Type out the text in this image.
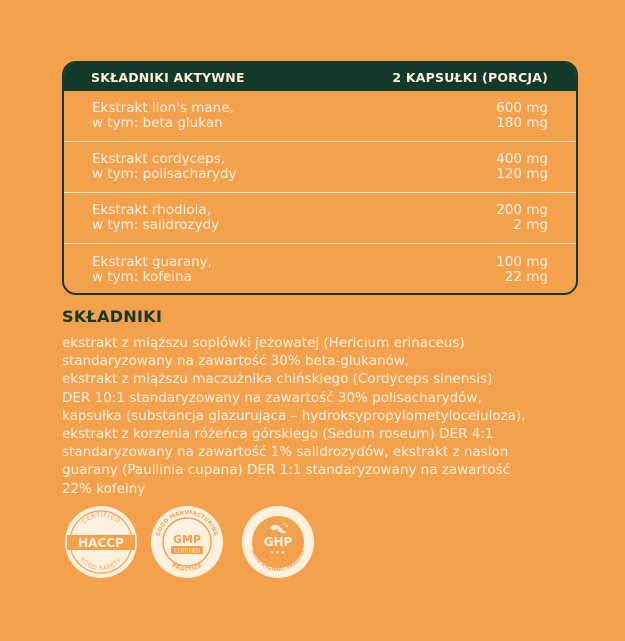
SKŁADNIKI AKTYWNE	2 KAPSUŁKI (PORCJA)
Ekstrakt lion's mane,
w tym: beta glukan
600 mg
180 mg
Ekstrakt cordyceps,
w tym: polisacharydy
400 mg
120 mg
Ekstrakt rhodiola,
w tym: salidrozydy
200 mg
2 mg
Ekstrakt guarany,
w tym: kofeina
100 mg
22 mg
SKŁADNIKI
ekstrakt z miąższu soplówki jeżowatej (Hericium erinaceus)
standaryzowany na zawartość 30% beta-glukanów,
ekstrakt z miąższu maczużnika chińskiego (Cordyceps sinensis)
DER 10:1 standaryzowany na zawartość 30% polisacharydów,
kapsułka (substancja glazurująca – hydroksypropylometyloceluloza),
ekstrakt z korzenia różeńca górskiego (Sedum roseum) DER 4:1
standaryzowany na zawartość 1% salidrozydów, ekstrakt z nasion
guarany (Paullinia cupana) DER 1:1 standaryzowany na zawartość
22% kofeiny
CERTIFIED
HACCP
FOOD SAFETY
GOOD MANUFACTURING
GMP
CERTIFIED
PRACTICE
GHP
★★★
GOOD HYGIENIC PRACTICE
